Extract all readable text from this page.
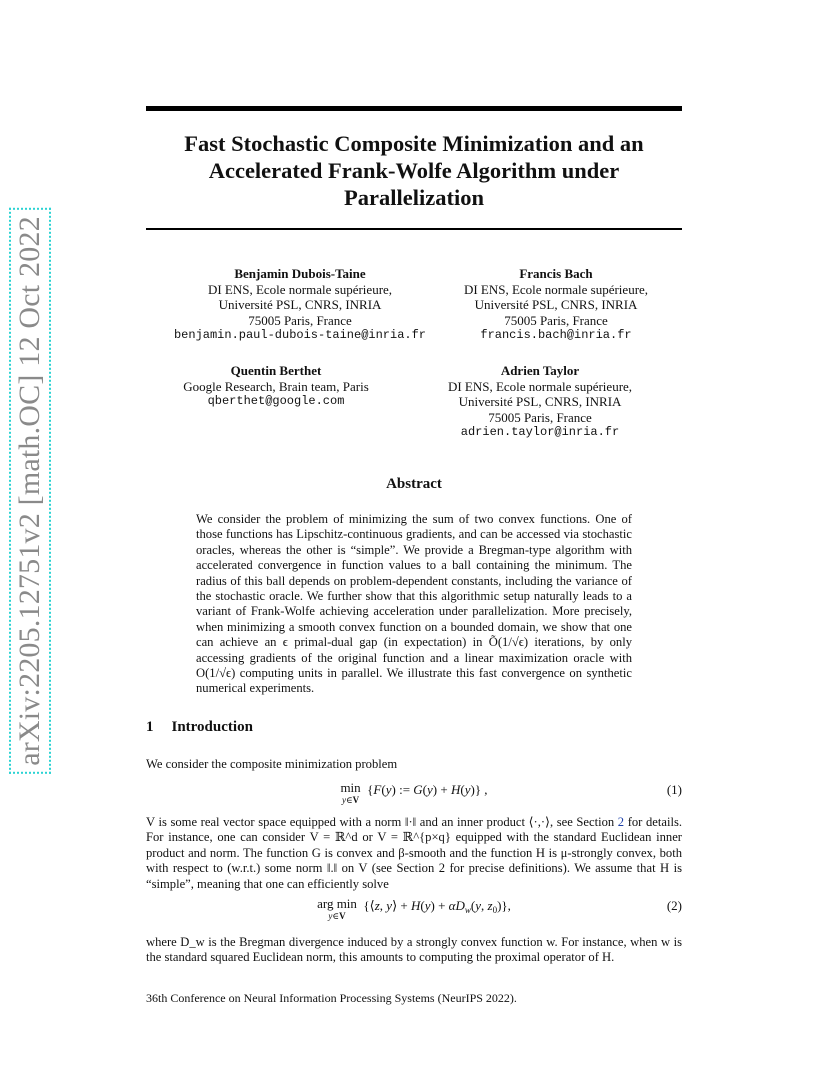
arXiv:2205.12751v2 [math.OC] 12 Oct 2022
Fast Stochastic Composite Minimization and an Accelerated Frank-Wolfe Algorithm under Parallelization
Benjamin Dubois-Taine
DI ENS, Ecole normale supérieure,
Université PSL, CNRS, INRIA
75005 Paris, France
benjamin.paul-dubois-taine@inria.fr
Francis Bach
DI ENS, Ecole normale supérieure,
Université PSL, CNRS, INRIA
75005 Paris, France
francis.bach@inria.fr
Quentin Berthet
Google Research, Brain team, Paris
qberthet@google.com
Adrien Taylor
DI ENS, Ecole normale supérieure,
Université PSL, CNRS, INRIA
75005 Paris, France
adrien.taylor@inria.fr
Abstract
We consider the problem of minimizing the sum of two convex functions. One of those functions has Lipschitz-continuous gradients, and can be accessed via stochastic oracles, whereas the other is “simple”. We provide a Bregman-type algorithm with accelerated convergence in function values to a ball containing the minimum. The radius of this ball depends on problem-dependent constants, including the variance of the stochastic oracle. We further show that this algorithmic setup naturally leads to a variant of Frank-Wolfe achieving acceleration under parallelization. More precisely, when minimizing a smooth convex function on a bounded domain, we show that one can achieve an ϵ primal-dual gap (in expectation) in Õ(1/√ϵ) iterations, by only accessing gradients of the original function and a linear maximization oracle with O(1/√ϵ) computing units in parallel. We illustrate this fast convergence on synthetic numerical experiments.
1 Introduction
We consider the composite minimization problem
min
y∈V  {F(y) := G(y) + H(y)} ,	(1)
V is some real vector space equipped with a norm ‖·‖ and an inner product ⟨·,·⟩, see Section 2 for details. For instance, one can consider V = ℝ^d or V = ℝ^{p×q} equipped with the standard Euclidean inner product and norm. The function G is convex and β-smooth and the function H is μ-strongly convex, both with respect to (w.r.t.) some norm ‖.‖ on V (see Section 2 for precise definitions). We assume that H is “simple”, meaning that one can efficiently solve
arg min
y∈V  {⟨z, y⟩ + $H(y) + \alpha D_w(y$, $z_0$)},	(2)
where D_w is the Bregman divergence induced by a strongly convex function w. For instance, when w is the standard squared Euclidean norm, this amounts to computing the proximal operator of H.
36th Conference on Neural Information Processing Systems (NeurIPS 2022).
